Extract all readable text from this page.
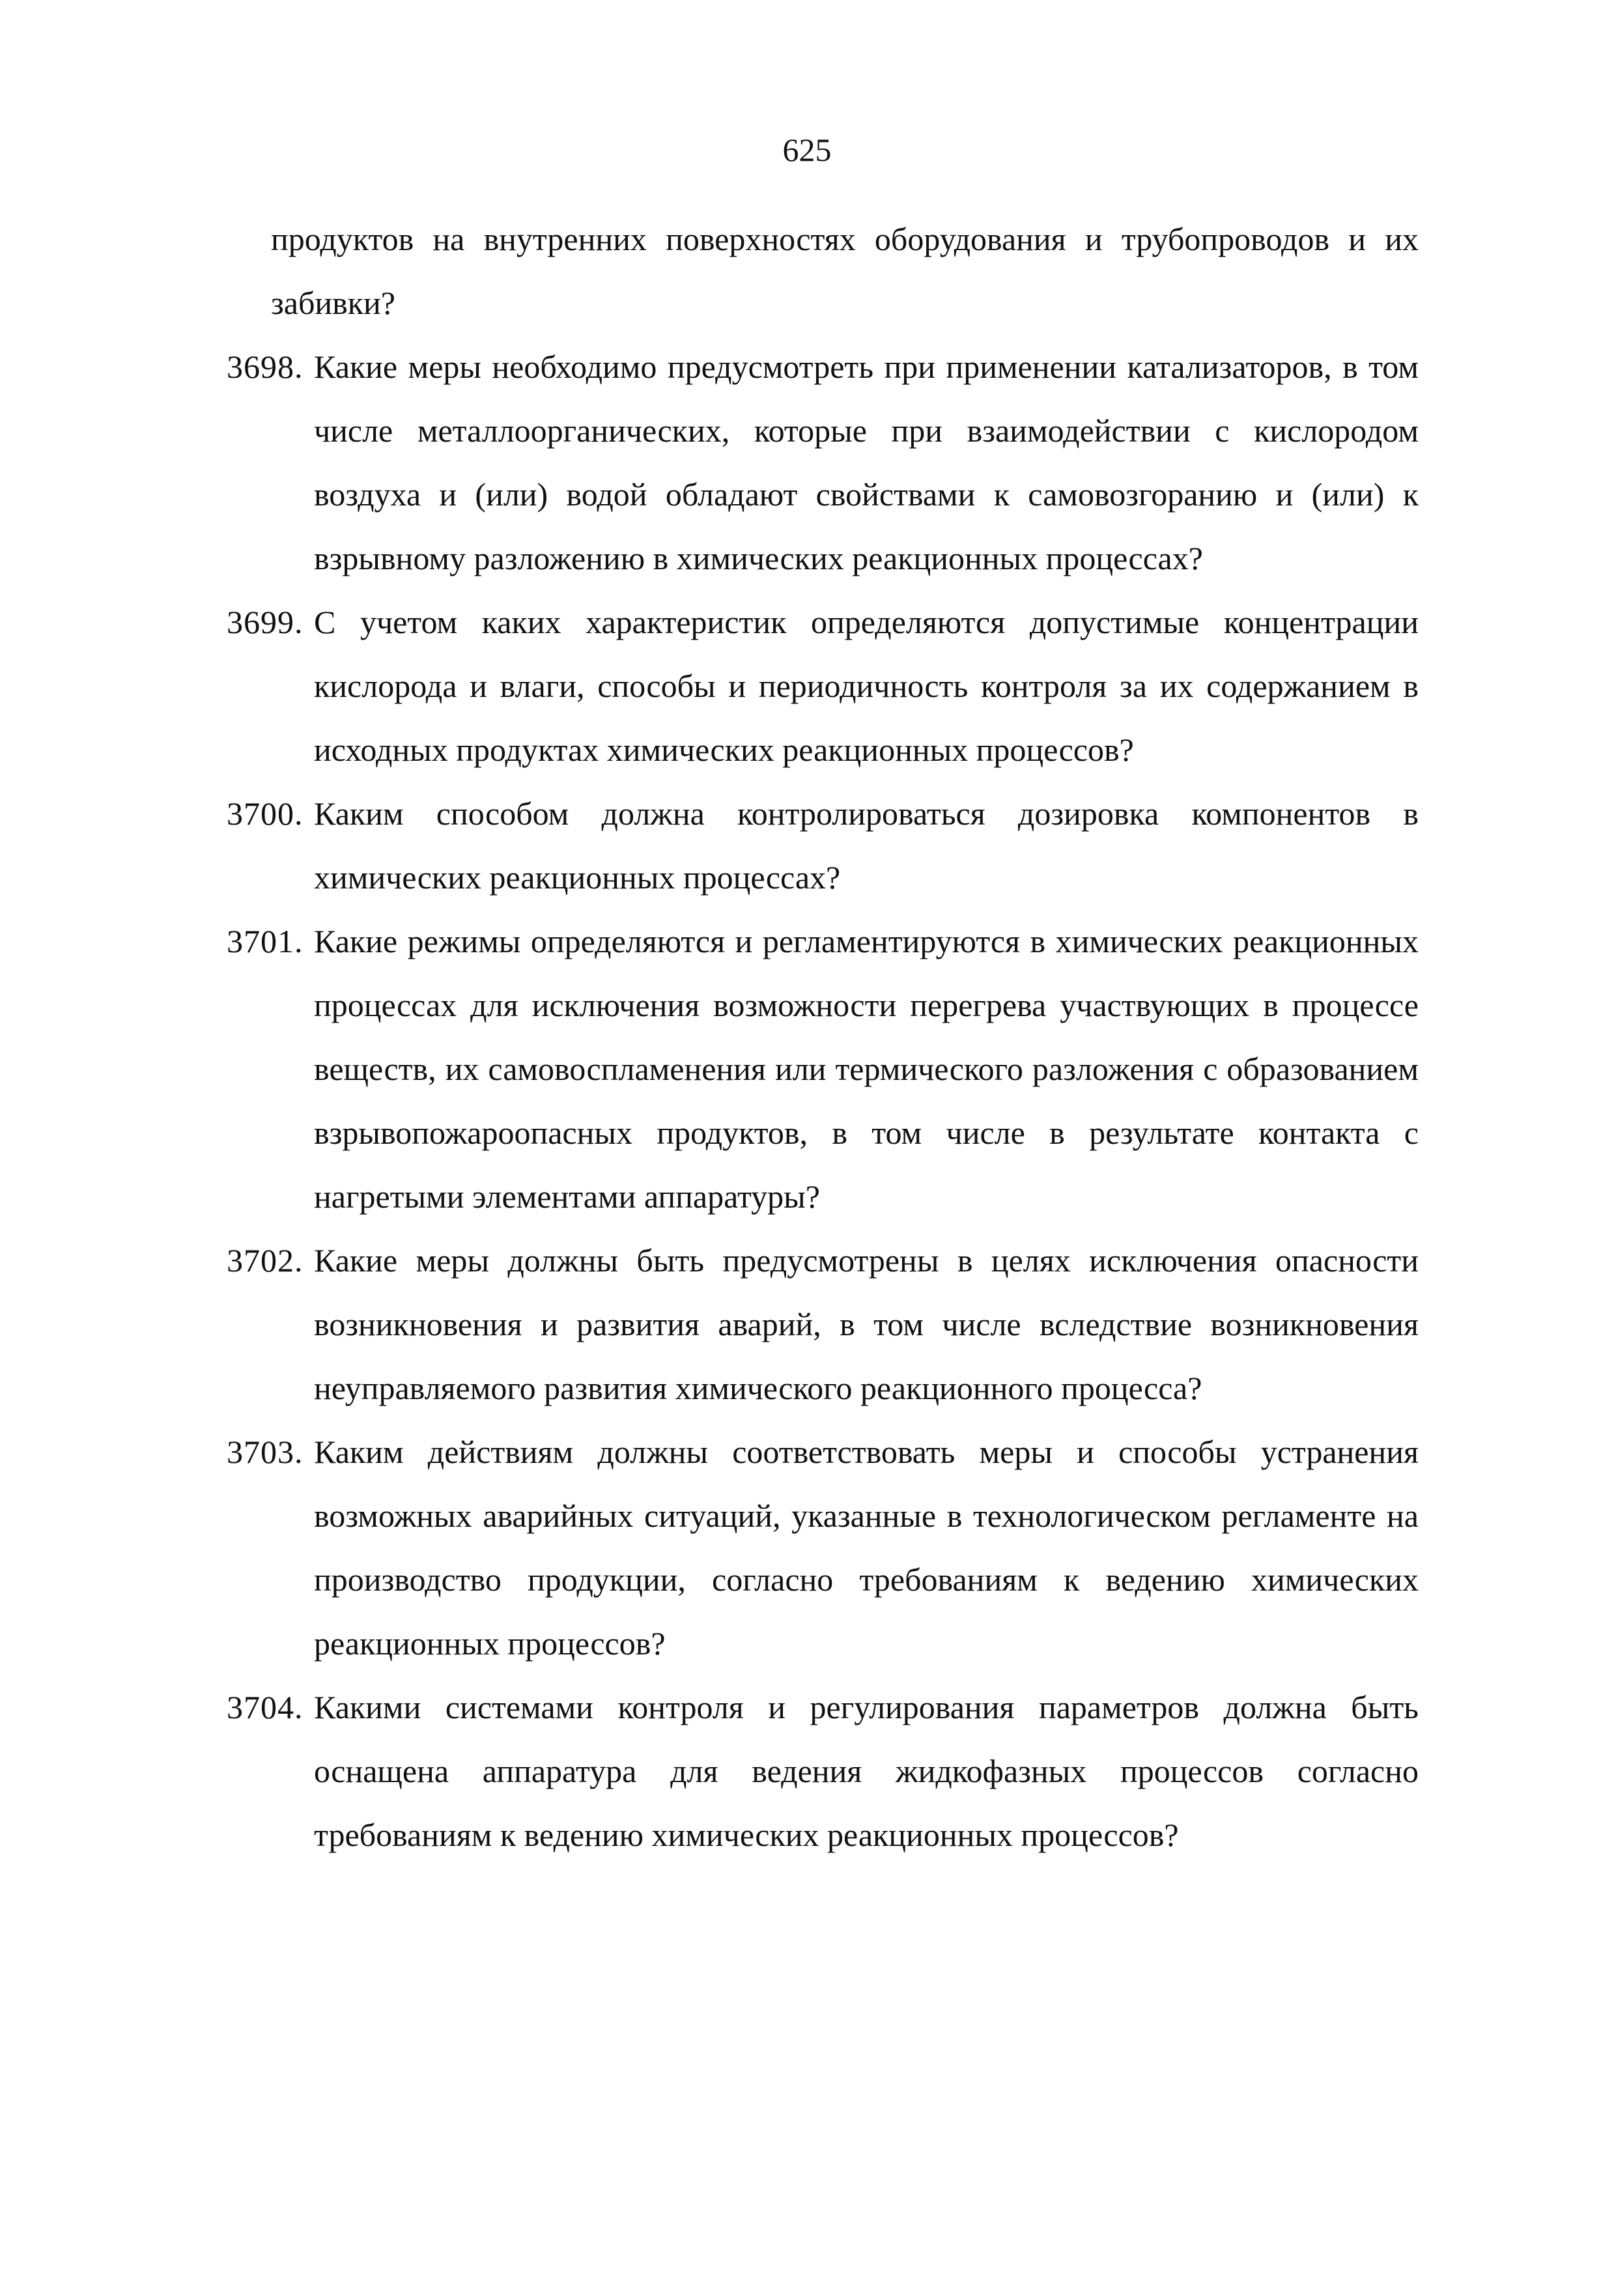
625
продуктов на внутренних поверхностях оборудования и трубопроводов и их забивки?
3698. Какие меры необходимо предусмотреть при применении катализаторов, в том числе металлоорганических, которые при взаимодействии с кислородом воздуха и (или) водой обладают свойствами к самовозгоранию и (или) к взрывному разложению в химических реакционных процессах?
3699. С учетом каких характеристик определяются допустимые концентрации кислорода и влаги, способы и периодичность контроля за их содержанием в исходных продуктах химических реакционных процессов?
3700. Каким способом должна контролироваться дозировка компонентов в химических реакционных процессах?
3701. Какие режимы определяются и регламентируются в химических реакционных процессах для исключения возможности перегрева участвующих в процессе веществ, их самовоспламенения или термического разложения с образованием взрывопожароопасных продуктов, в том числе в результате контакта с нагретыми элементами аппаратуры?
3702. Какие меры должны быть предусмотрены в целях исключения опасности возникновения и развития аварий, в том числе вследствие возникновения неуправляемого развития химического реакционного процесса?
3703. Каким действиям должны соответствовать меры и способы устранения возможных аварийных ситуаций, указанные в технологическом регламенте на производство продукции, согласно требованиям к ведению химических реакционных процессов?
3704. Какими системами контроля и регулирования параметров должна быть оснащена аппаратура для ведения жидкофазных процессов согласно требованиям к ведению химических реакционных процессов?
